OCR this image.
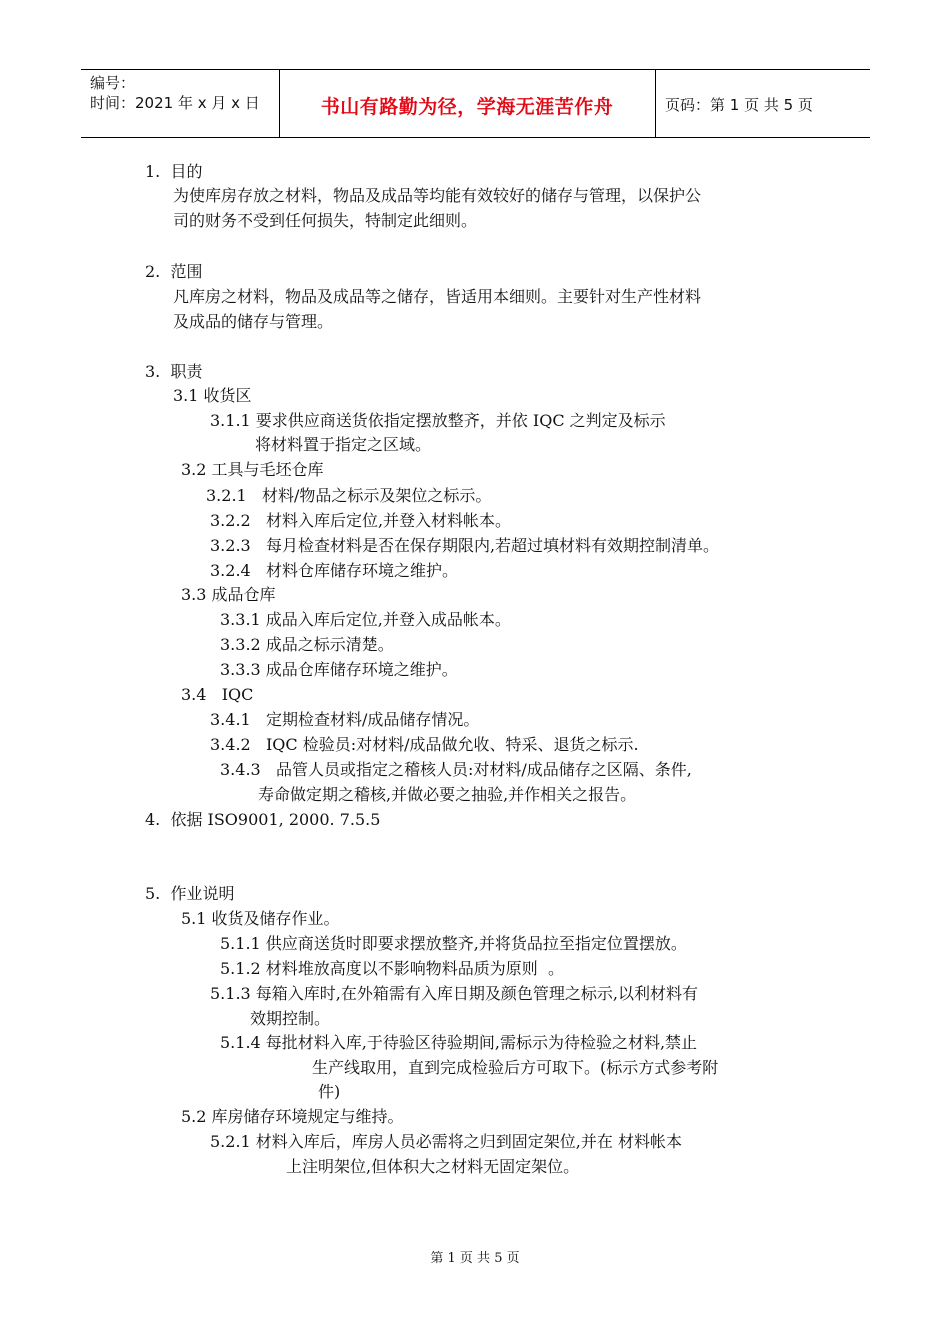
编号：
时间：2021 年 x 月 x 日	书山有路勤为径，学海无涯苦作舟	页码：第 1 页 共 5 页
1.  目的
为使库房存放之材料，物品及成品等均能有效较好的储存与管理，以保护公
司的财务不受到任何损失，特制定此细则。
2.  范围
凡库房之材料，物品及成品等之储存，皆适用本细则。主要针对生产性材料
及成品的储存与管理。
3.  职责
3.1 收货区
3.1.1 要求供应商送货依指定摆放整齐，并依 IQC 之判定及标示
将材料置于指定之区域。
3.2 工具与毛坯仓库
3.2.1   材料/物品之标示及架位之标示。
3.2.2   材料入库后定位,并登入材料帐本。
3.2.3   每月检查材料是否在保存期限内,若超过填材料有效期控制清单。
3.2.4   材料仓库储存环境之维护。
3.3 成品仓库
3.3.1 成品入库后定位,并登入成品帐本。
3.3.2 成品之标示清楚。
3.3.3 成品仓库储存环境之维护。
3.4   IQC
3.4.1   定期检查材料/成品储存情况。
3.4.2   IQC 检验员:对材料/成品做允收、特采、退货之标示.
3.4.3   品管人员或指定之稽核人员:对材料/成品储存之区隔、条件,
寿命做定期之稽核,并做必要之抽验,并作相关之报告。
4.  依据 ISO9001, 2000. 7.5.5
5.  作业说明
5.1 收货及储存作业。
5.1.1 供应商送货时即要求摆放整齐,并将货品拉至指定位置摆放。
5.1.2 材料堆放高度以不影响物料品质为原则  。
5.1.3 每箱入库时,在外箱需有入库日期及颜色管理之标示,以利材料有
效期控制。
5.1.4 每批材料入库,于待验区待验期间,需标示为待检验之材料,禁止
生产线取用，直到完成检验后方可取下。(标示方式参考附
件)
5.2 库房储存环境规定与维持。
5.2.1 材料入库后，库房人员必需将之归到固定架位,并在 材料帐本
上注明架位,但体积大之材料无固定架位。
第 1 页 共 5 页
